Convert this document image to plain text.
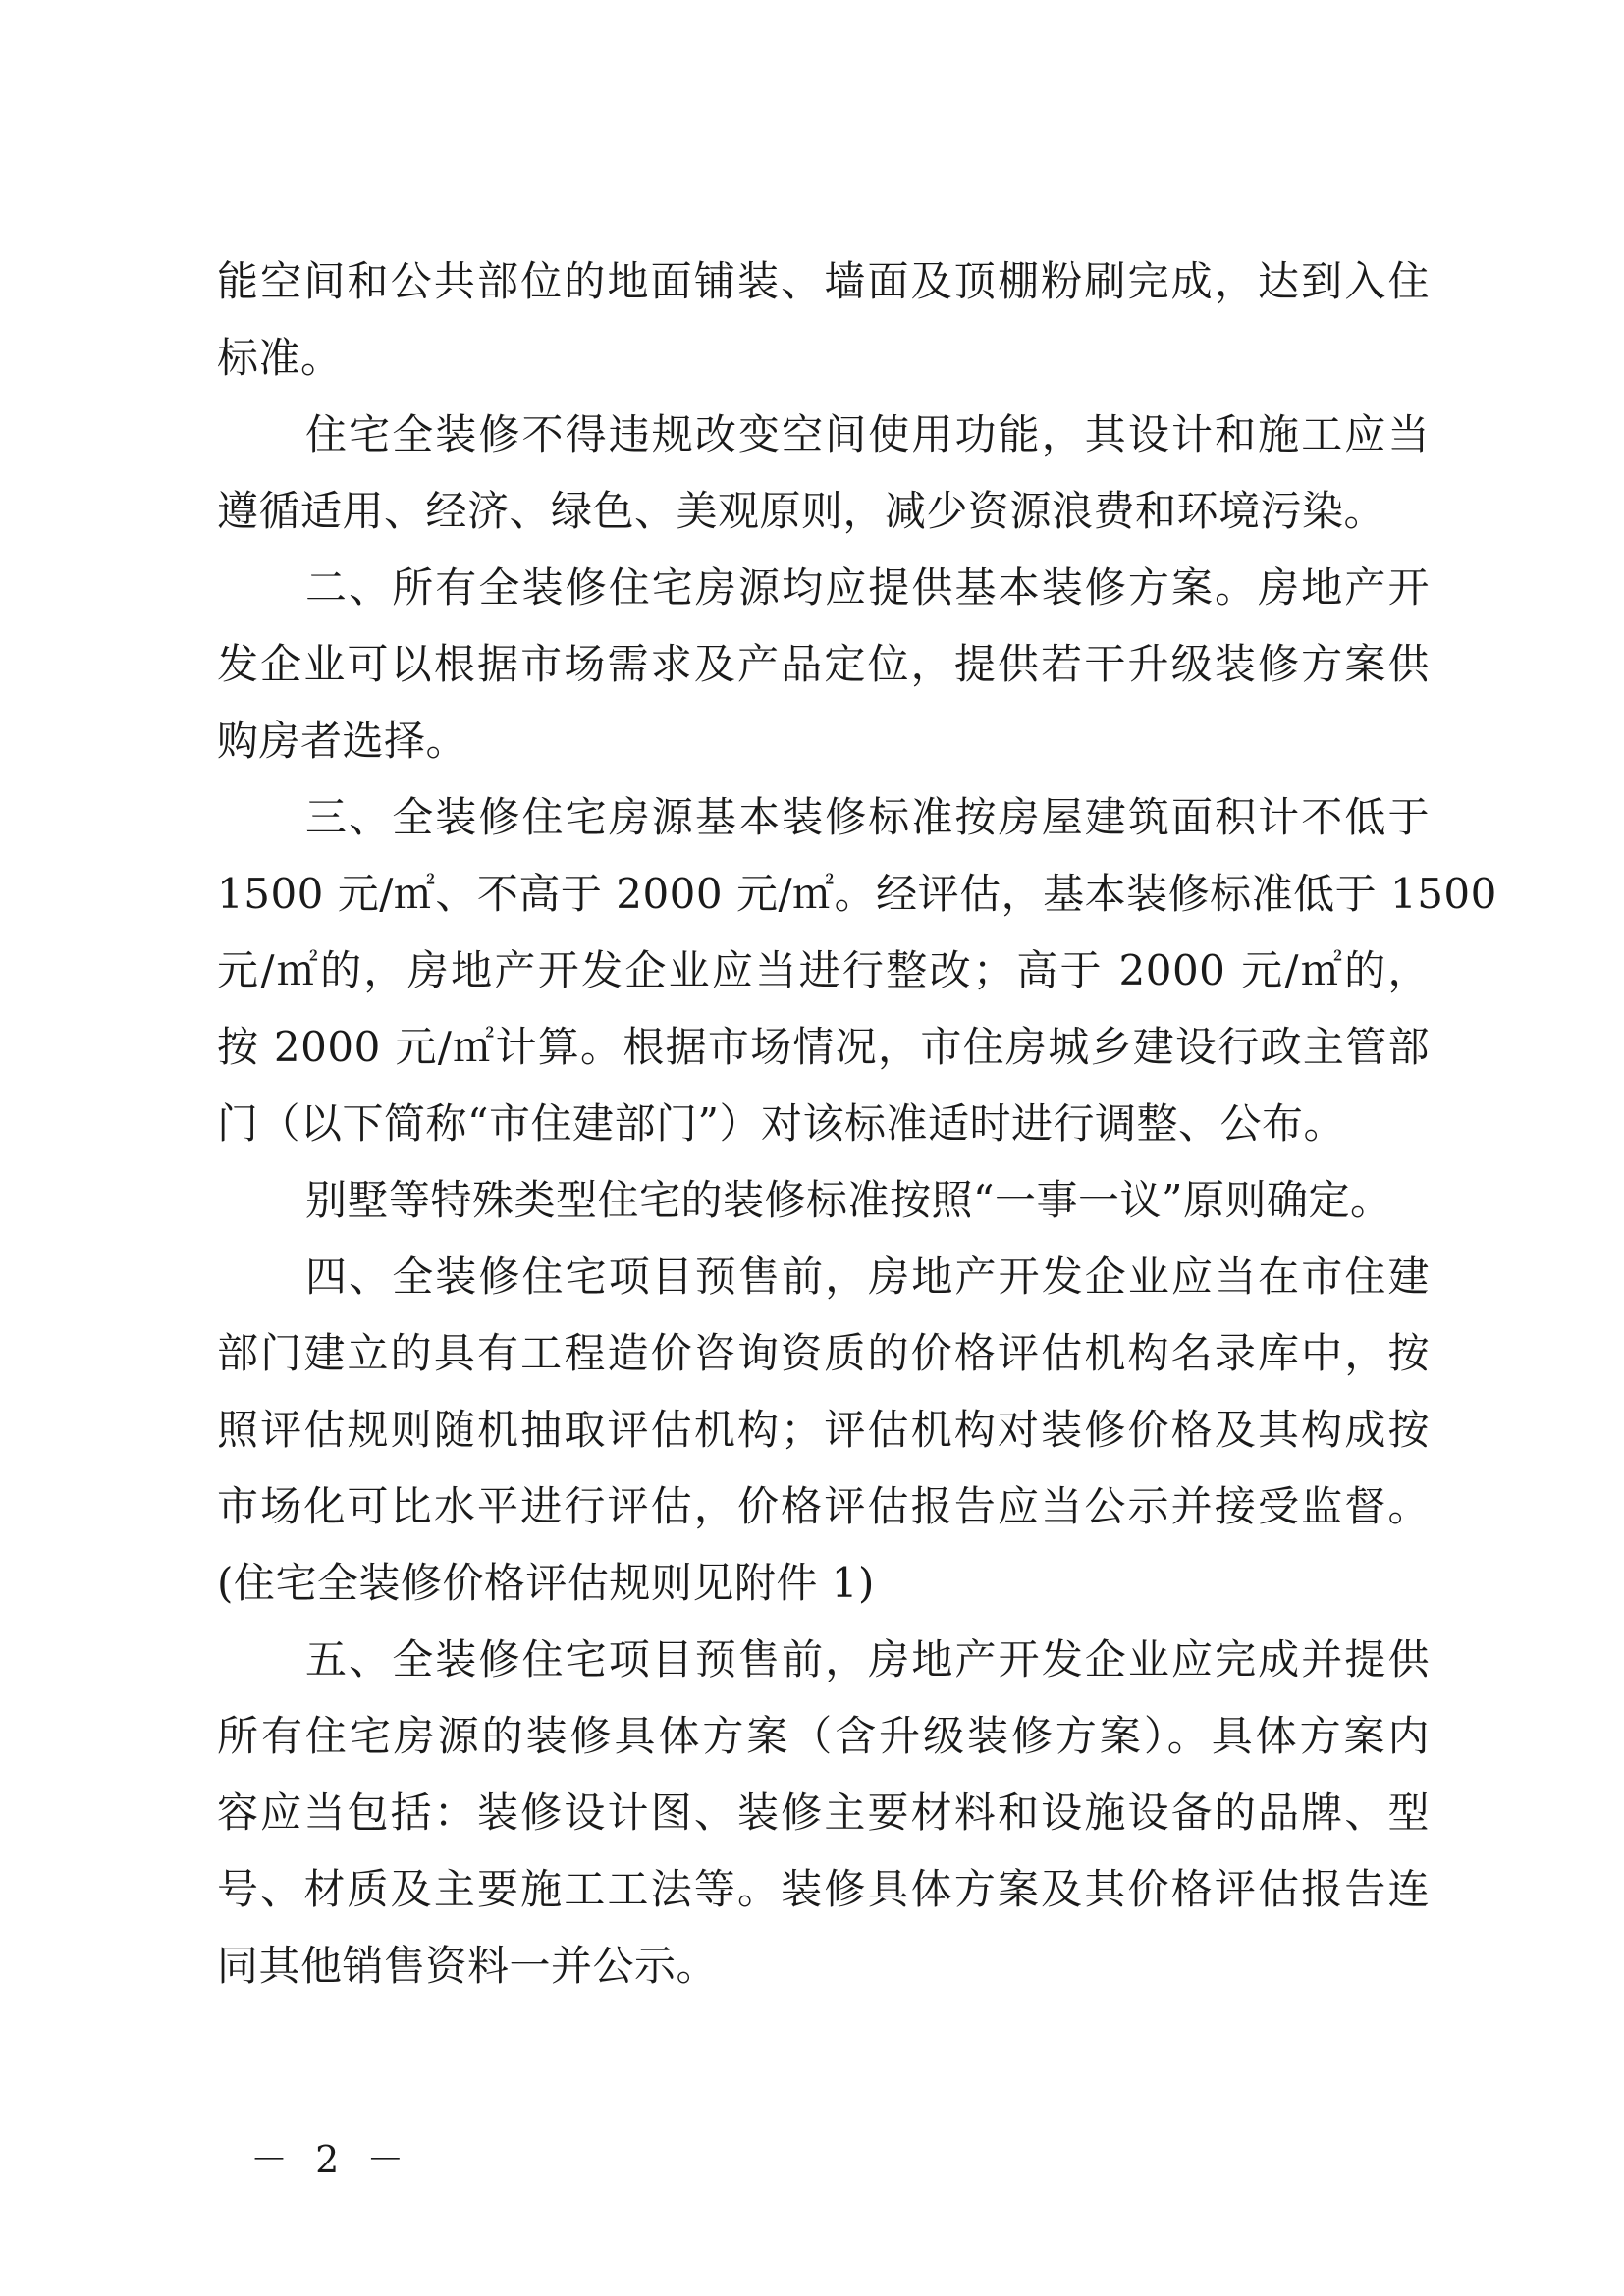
能空间和公共部位的地面铺装、墙面及顶棚粉刷完成，达到入住
标准。
住宅全装修不得违规改变空间使用功能，其设计和施工应当
遵循适用、经济、绿色、美观原则，减少资源浪费和环境污染。
二、所有全装修住宅房源均应提供基本装修方案。房地产开
发企业可以根据市场需求及产品定位，提供若干升级装修方案供
购房者选择。
三、全装修住宅房源基本装修标准按房屋建筑面积计不低于
1500 元/㎡、不高于 2000 元/㎡。经评估，基本装修标准低于 1500
元/㎡的，房地产开发企业应当进行整改；高于 2000 元/㎡的，
按 2000 元/㎡计算。根据市场情况，市住房城乡建设行政主管部
门（以下简称“市住建部门”）对该标准适时进行调整、公布。
别墅等特殊类型住宅的装修标准按照“一事一议”原则确定。
四、全装修住宅项目预售前，房地产开发企业应当在市住建
部门建立的具有工程造价咨询资质的价格评估机构名录库中，按
照评估规则随机抽取评估机构；评估机构对装修价格及其构成按
市场化可比水平进行评估，价格评估报告应当公示并接受监督。
(住宅全装修价格评估规则见附件 1)
五、全装修住宅项目预售前，房地产开发企业应完成并提供
所有住宅房源的装修具体方案（含升级装修方案）。具体方案内
容应当包括：装修设计图、装修主要材料和设施设备的品牌、型
号、材质及主要施工工法等。装修具体方案及其价格评估报告连
同其他销售资料一并公示。
－ 2 －
